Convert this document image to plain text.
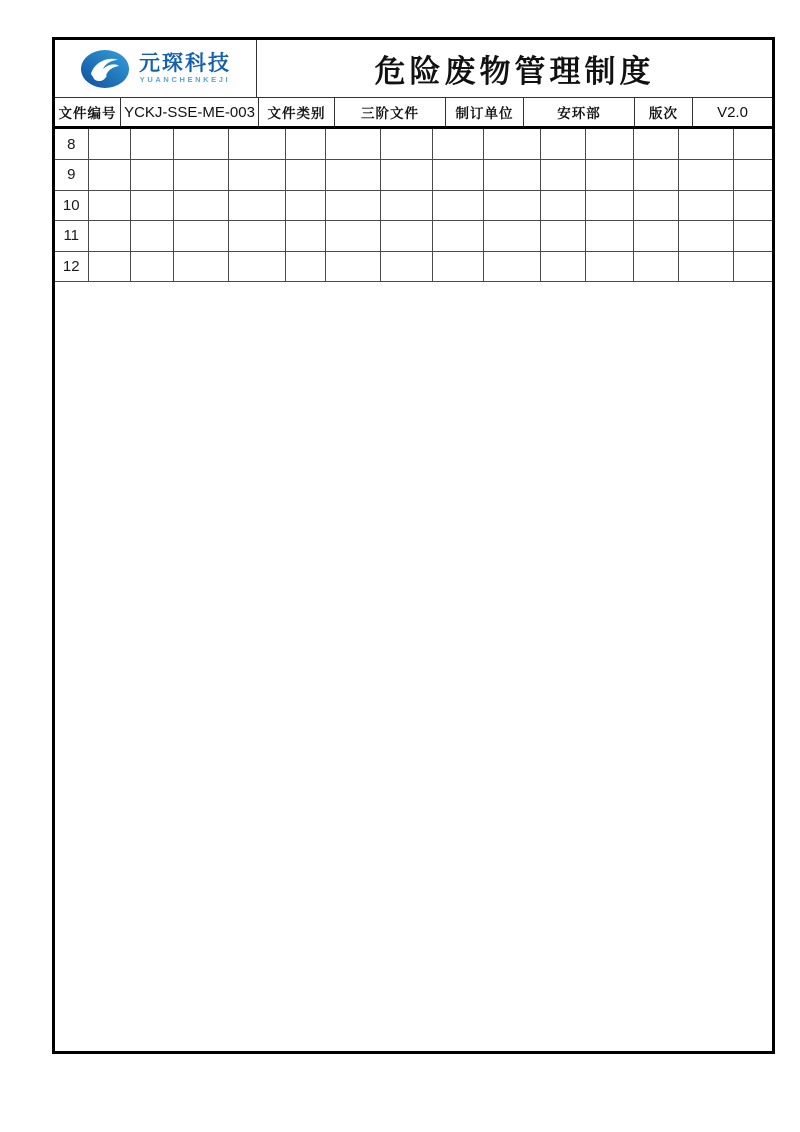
元琛科技
YUANCHENKEJI	危险废物管理制度
文件编号 YCKJ-SSE-ME-003 文件类别	三阶文件	制订单位	安环部	版次	V2.0
8														
9														
10														
11														
12														
